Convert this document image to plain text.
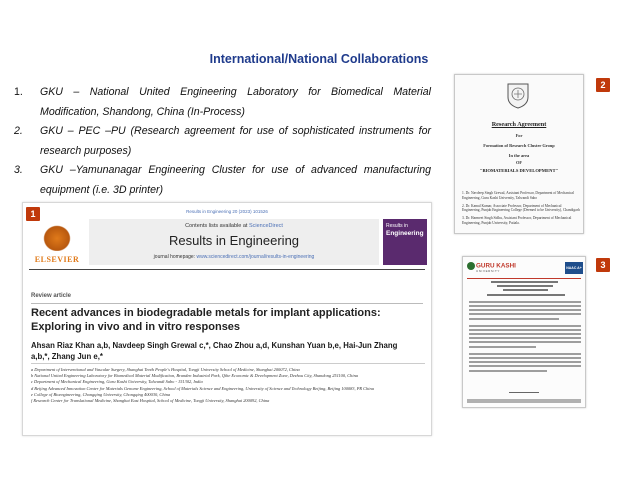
International/National Collaborations
1. GKU – National United Engineering Laboratory for Biomedical Material Modification, Shandong, China (In-Process)
2. GKU – PEC –PU (Research agreement for use of sophisticated instruments for research purposes)
3. GKU –Yamunanagar Engineering Cluster for use of advanced manufacturing equipment (i.e. 3D printer)
Results in Engineering 20 (2023) 101526
ELSEVIER
Contents lists available at ScienceDirect
Results in Engineering
journal homepage: www.sciencedirect.com/journal/results-in-engineering
Results in
Engineering
Review article
Recent advances in biodegradable metals for implant applications: Exploring in vivo and in vitro responses
Ahsan Riaz Khan a,b, Navdeep Singh Grewal c,*, Chao Zhou a,d, Kunshan Yuan b,e, Hai-Jun Zhang a,b,*, Zhang Jun e,*
a Department of Interventional and Vascular Surgery, Shanghai Tenth People's Hospital, Tongji University School of Medicine, Shanghai 200072, China
b National United Engineering Laboratory for Biomedical Material Modification, Branden Industrial Park, Qihe Economic & Development Zone, Dezhou City, Shandong 251100, China
c Department of Mechanical Engineering, Guru Kashi University, Talwandi Sabo - 151302, India
d Beijing Advanced Innovation Center for Materials Genome Engineering, School of Materials Science and Engineering, University of Science and Technology Beijing, Beijing 100083, PR China
e College of Bioengineering, Chongqing University, Chongqing 400030, China
f Research Center for Translational Medicine, Shanghai East Hospital, School of Medicine, Tongji University, Shanghai 200092, China
1
Research Agreement
For
Formation of Research Cluster Group
In the area
OF
"BIOMATERIALS DEVELOPMENT"
1. Dr. Navdeep Singh Grewal, Assistant Professor, Department of Mechanical Engineering, Guru Kashi University, Talwandi Sabo
2. Dr. Kamal Kumar, Associate Professor, Department of Mechanical Engineering, Punjab Engineering College (Deemed to be University), Chandigarh
3. Dr. Harmeet Singh Sidhu, Assistant Professor, Department of Mechanical Engineering, Punjab University, Patiala.
2
GURU KASHI
UNIVERSITY
NAAC A+	3
